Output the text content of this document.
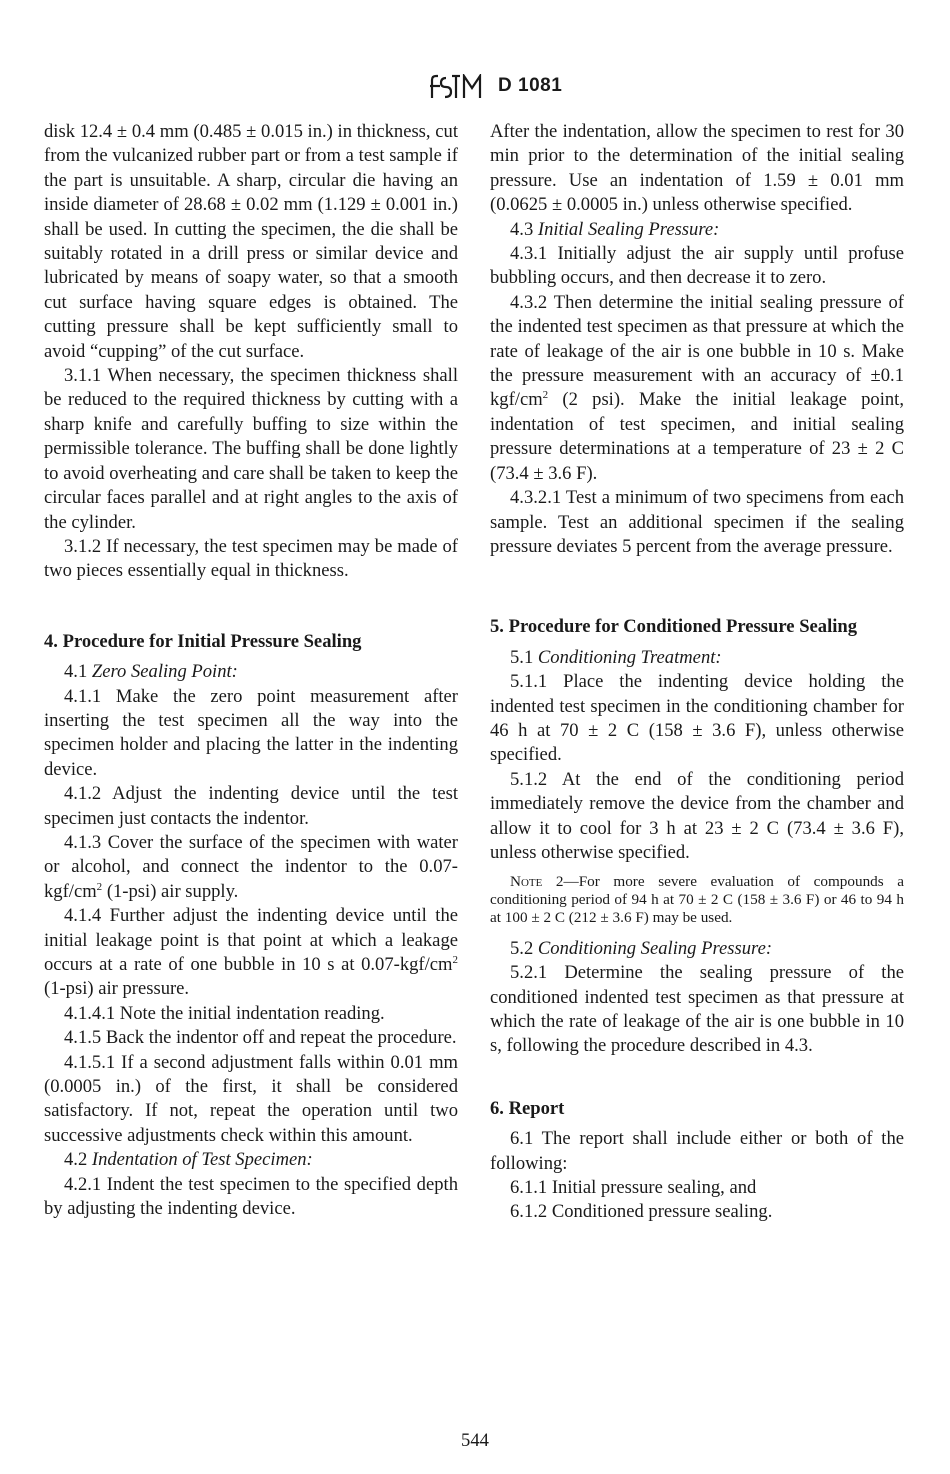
D 1081

disk 12.4 ± 0.4 mm (0.485 ± 0.015 in.) in thickness, cut from the vulcanized rubber part or from a test sample if the part is unsuitable. A sharp, circular die having an inside diameter of 28.68 ± 0.02 mm (1.129 ± 0.001 in.) shall be used. In cutting the specimen, the die shall be suitably rotated in a drill press or similar device and lubricated by means of soapy water, so that a smooth cut surface having square edges is obtained. The cutting pressure shall be kept sufficiently small to avoid “cupping” of the cut surface.

3.1.1 When necessary, the specimen thickness shall be reduced to the required thickness by cutting with a sharp knife and carefully buffing to size within the permissible tolerance. The buffing shall be done lightly to avoid overheating and care shall be taken to keep the circular faces parallel and at right angles to the axis of the cylinder.

3.1.2 If necessary, the test specimen may be made of two pieces essentially equal in thickness.

4. Procedure for Initial Pressure Sealing

4.1 Zero Sealing Point:

4.1.1 Make the zero point measurement after inserting the test specimen all the way into the specimen holder and placing the latter in the indenting device.

4.1.2 Adjust the indenting device until the test specimen just contacts the indentor.

4.1.3 Cover the surface of the specimen with water or alcohol, and connect the indentor to the $0.07-kgf/cm^2$ (1-psi) air supply.

4.1.4 Further adjust the indenting device until the initial leakage point is that point at which a leakage occurs at a rate of one bubble in 10 s at $0.07-kgf/cm^2$ (1-psi) air pressure.

4.1.4.1 Note the initial indentation reading.

4.1.5 Back the indentor off and repeat the procedure.

4.1.5.1 If a second adjustment falls within 0.01 mm (0.0005 in.) of the first, it shall be considered satisfactory. If not, repeat the operation until two successive adjustments check within this amount.

4.2 Indentation of Test Specimen:

4.2.1 Indent the test specimen to the specified depth by adjusting the indenting device.

After the indentation, allow the specimen to rest for 30 min prior to the determination of the initial sealing pressure. Use an indentation of 1.59 ± 0.01 mm (0.0625 ± 0.0005 in.) unless otherwise specified.

4.3 Initial Sealing Pressure:

4.3.1 Initially adjust the air supply until profuse bubbling occurs, and then decrease it to zero.

4.3.2 Then determine the initial sealing pressure of the indented test specimen as that pressure at which the rate of leakage of the air is one bubble in 10 s. Make the pressure measurement with an accuracy of ±0.1 kgf/$cm^2$ (2 psi). Make the initial leakage point, indentation of test specimen, and initial sealing pressure determinations at a temperature of 23 ± 2 C (73.4 ± 3.6 F).

4.3.2.1 Test a minimum of two specimens from each sample. Test an additional specimen if the sealing pressure deviates 5 percent from the average pressure.

5. Procedure for Conditioned Pressure Sealing

5.1 Conditioning Treatment:

5.1.1 Place the indenting device holding the indented test specimen in the conditioning chamber for 46 h at 70 ± 2 C (158 ± 3.6 F), unless otherwise specified.

5.1.2 At the end of the conditioning period immediately remove the device from the chamber and allow it to cool for 3 h at 23 ± 2 C (73.4 ± 3.6 F), unless otherwise specified.

Note 2—For more severe evaluation of compounds a conditioning period of 94 h at 70 ± 2 C (158 ± 3.6 F) or 46 to 94 h at 100 ± 2 C (212 ± 3.6 F) may be used.

5.2 Conditioning Sealing Pressure:

5.2.1 Determine the sealing pressure of the conditioned indented test specimen as that pressure at which the rate of leakage of the air is one bubble in 10 s, following the procedure described in 4.3.

6. Report

6.1 The report shall include either or both of the following:

6.1.1 Initial pressure sealing, and

6.1.2 Conditioned pressure sealing.

544
